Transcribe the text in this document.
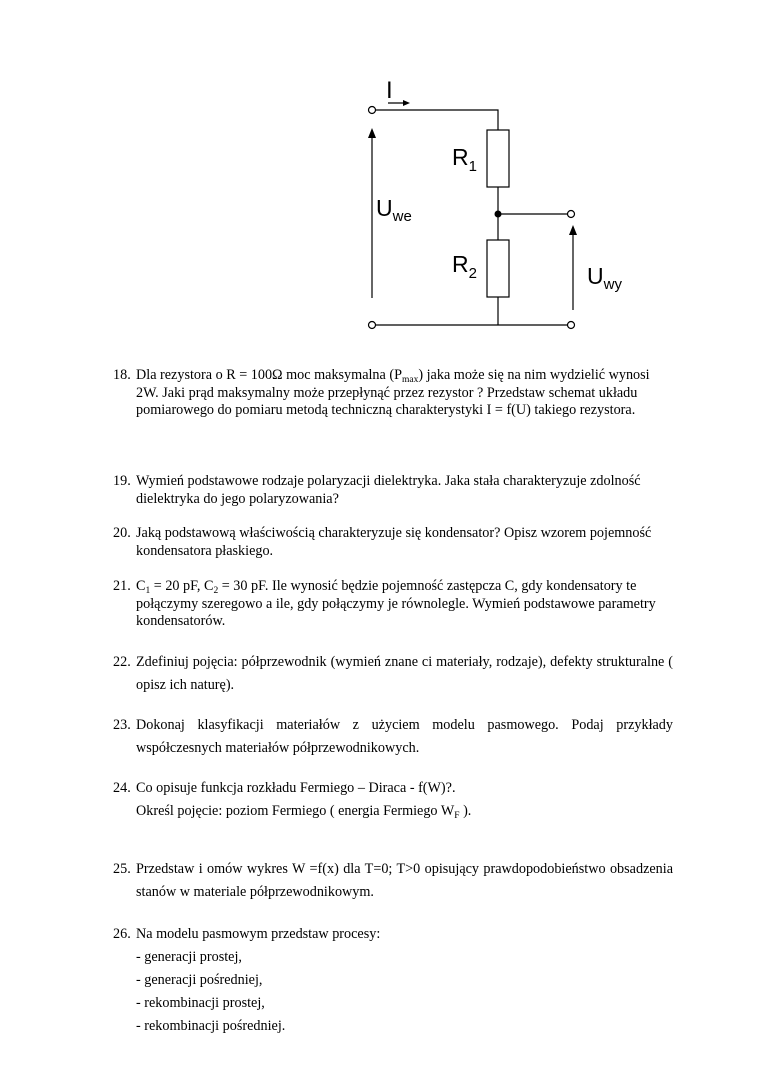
I
$R_1$
$R_2$
$U_{we}$
$U_{wy}$
18. Dla rezystora o R = 100Ω moc maksymalna $(P_{max})$ jaka może się na nim wydzielić wynosi 2W. Jaki prąd maksymalny może przepłynąć przez rezystor ? Przedstaw schemat układu pomiarowego do pomiaru metodą techniczną charakterystyki I = f(U) takiego rezystora.
19. Wymień podstawowe rodzaje polaryzacji dielektryka. Jaka stała charakteryzuje zdolność dielektryka do jego polaryzowania?
20. Jaką podstawową właściwością charakteryzuje się kondensator? Opisz wzorem pojemność kondensatora płaskiego.
21. $C_1 = 20$ pF, $C_2 = 30$ pF. Ile wynosić będzie pojemność zastępcza C, gdy kondensatory te połączymy szeregowo a ile, gdy połączymy je równolegle. Wymień podstawowe parametry kondensatorów.
22. Zdefiniuj pojęcia: półprzewodnik (wymień znane ci materiały, rodzaje), defekty strukturalne ( opisz ich naturę).
23. Dokonaj klasyfikacji materiałów z użyciem modelu pasmowego. Podaj przykłady współczesnych materiałów półprzewodnikowych.
24. Co opisuje funkcja rozkładu Fermiego – Diraca - f(W)?.
Określ pojęcie: poziom Fermiego ( energia Fermiego $W_F$ ).
25. Przedstaw i omów wykres W =f(x) dla T=0; T>0 opisujący prawdopodobieństwo obsadzenia stanów w materiale półprzewodnikowym.
26. Na modelu pasmowym przedstaw procesy:
- generacji prostej,
- generacji pośredniej,
- rekombinacji prostej,
- rekombinacji pośredniej.
